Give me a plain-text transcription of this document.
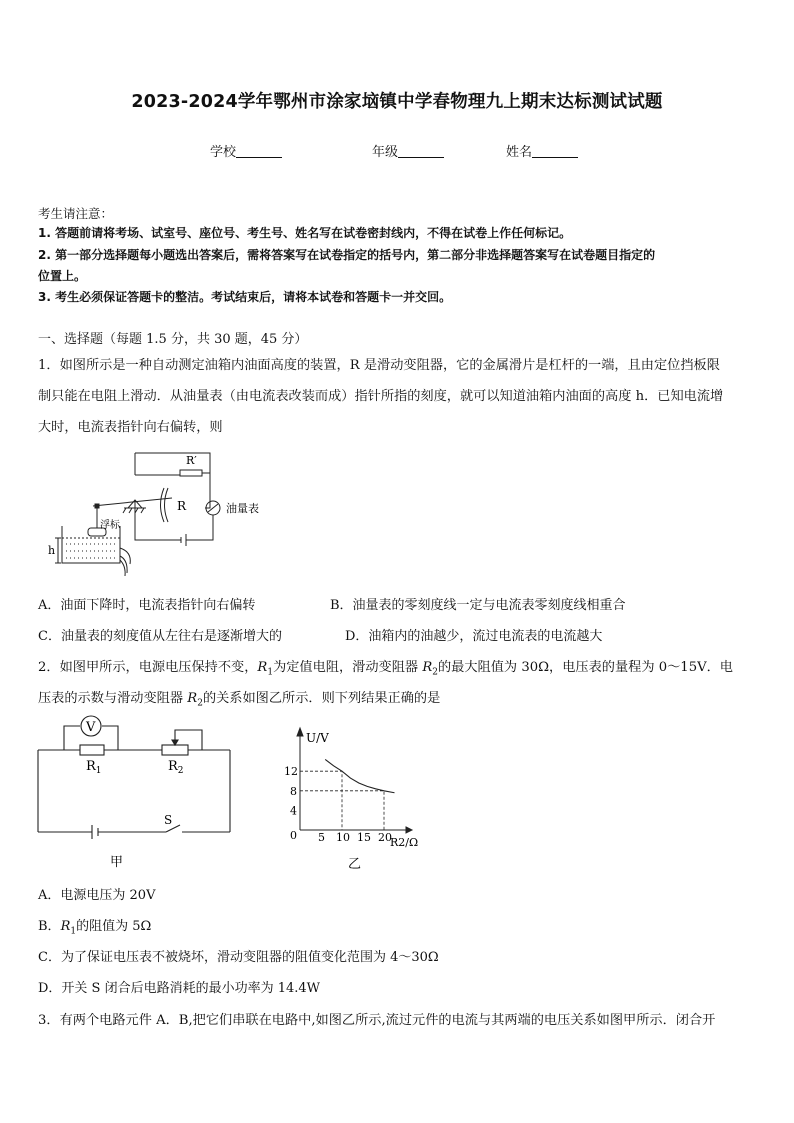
2023-2024学年鄂州市涂家垴镇中学春物理九上期末达标测试试题
学校	年级	姓名
考生请注意：
1. 答题前请将考场、试室号、座位号、考生号、姓名写在试卷密封线内，不得在试卷上作任何标记。
2. 第一部分选择题每小题选出答案后，需将答案写在试卷指定的括号内，第二部分非选择题答案写在试卷题目指定的
位置上。
3. 考生必须保证答题卡的整洁。考试结束后，请将本试卷和答题卡一并交回。
一、选择题（每题 1.5 分，共 30 题，45 分）
1．如图所示是一种自动测定油箱内油面高度的装置，R 是滑动变阻器，它的金属滑片是杠杆的一端，且由定位挡板限
制只能在电阻上滑动．从油量表（由电流表改装而成）指针所指的刻度，就可以知道油箱内油面的高度 h．已知电流增
大时，电流表指针向右偏转，则
R′
R	油量表
浮标
h
A．油面下降时，电流表指针向右偏转	B．油量表的零刻度线一定与电流表零刻度线相重合
C．油量表的刻度值从左往右是逐渐增大的	D．油箱内的油越少，流过电流表的电流越大
2．如图甲所示，电源电压保持不变，$R_1$为定值电阻，滑动变阻器 $R_2$的最大阻值为 30Ω，电压表的量程为 0～15V．电
压表的示数与滑动变阻器 $R_2$的关系如图乙所示．则下列结果正确的是
V
$R_1$	$R_2$
S
甲
5 10 15 20
4
8
12
U/V
0
R2/Ω
乙
A．电源电压为 20V
B．$R_1$的阻值为 5Ω
C．为了保证电压表不被烧坏，滑动变阻器的阻值变化范围为 4～30Ω
D．开关 S 闭合后电路消耗的最小功率为 14.4W
3．有两个电路元件 A．B,把它们串联在电路中,如图乙所示,流过元件的电流与其两端的电压关系如图甲所示．闭合开
